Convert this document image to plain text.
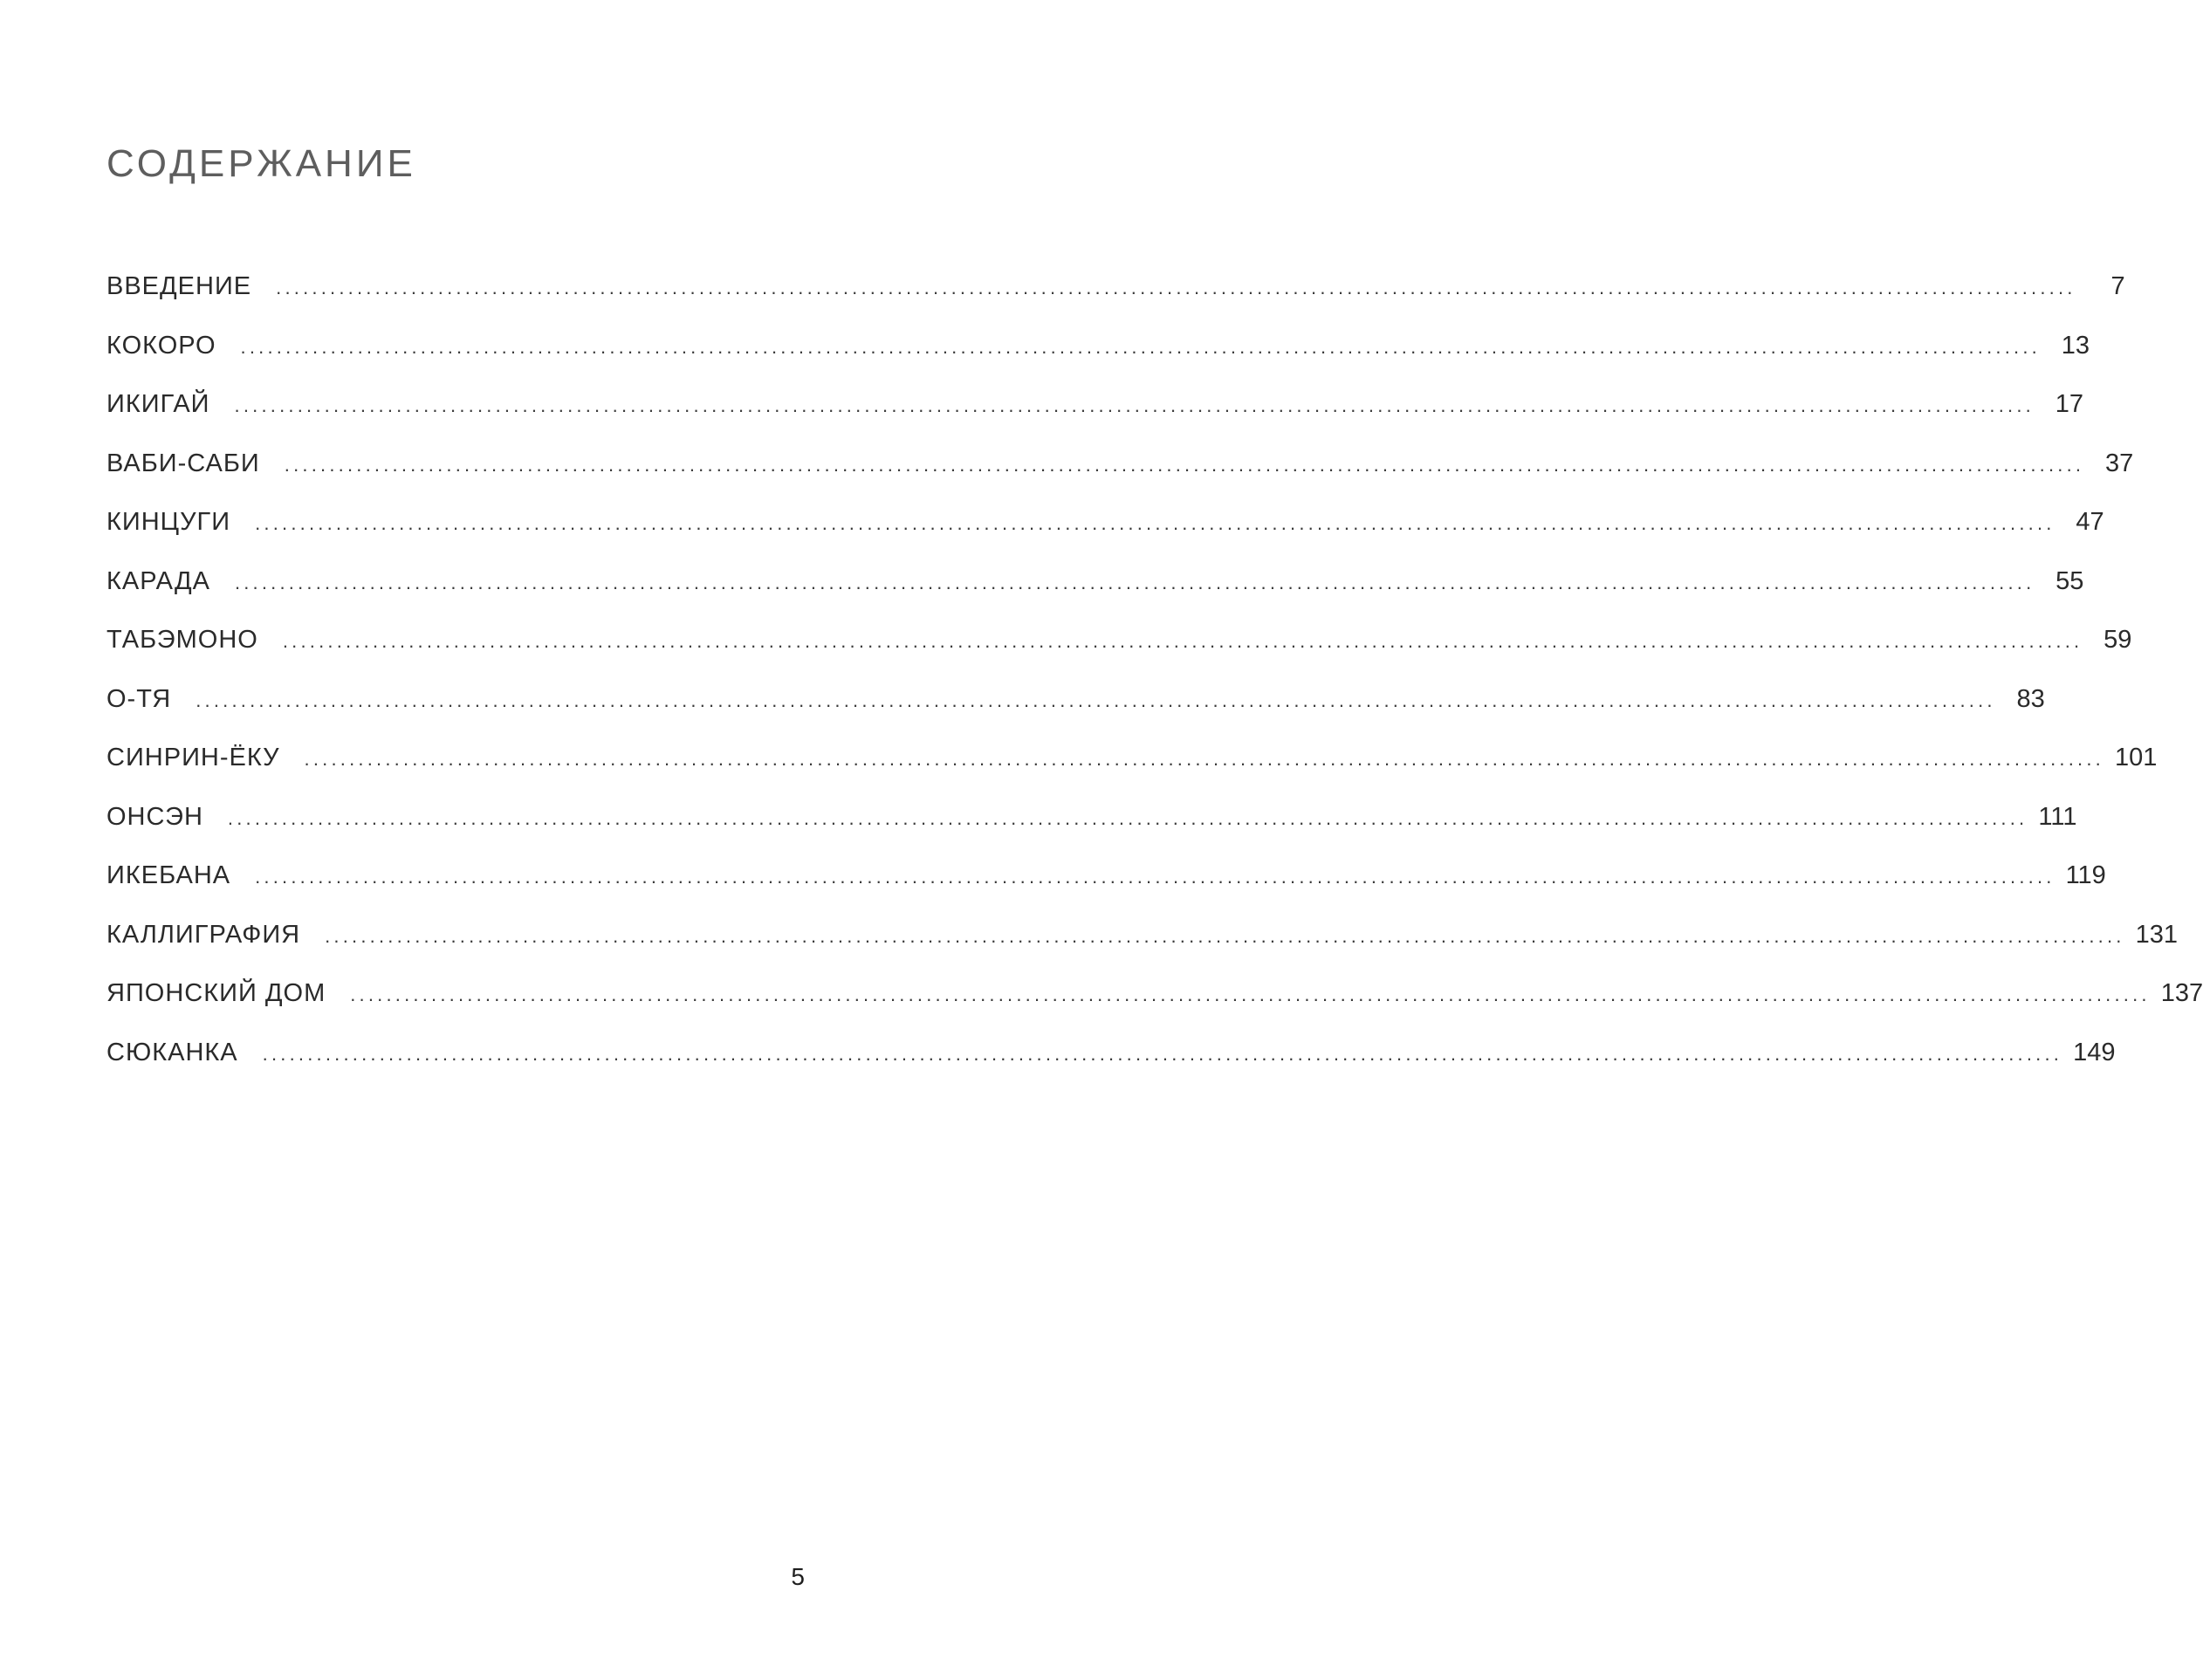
СОДЕРЖАНИЕ
ВВЕДЕНИЕ	........................................................................................................................................................................................................	7
КОКОРО	........................................................................................................................................................................................................ 13
ИКИГАЙ	........................................................................................................................................................................................................ 17
ВАБИ-САБИ	........................................................................................................................................................................................................ 37
КИНЦУГИ	........................................................................................................................................................................................................ 47
КАРАДА	........................................................................................................................................................................................................ 55
ТАБЭМОНО	........................................................................................................................................................................................................ 59
О-ТЯ	........................................................................................................................................................................................................ 83
СИНРИН-ЁКУ	........................................................................................................................................................................................................ 101
ОНСЭН	........................................................................................................................................................................................................ 111
ИКЕБАНА	........................................................................................................................................................................................................ 119
КАЛЛИГРАФИЯ	........................................................................................................................................................................................................ 131
ЯПОНСКИЙ ДОМ	........................................................................................................................................................................................................ 137
СЮКАНКА	........................................................................................................................................................................................................ 149
5
